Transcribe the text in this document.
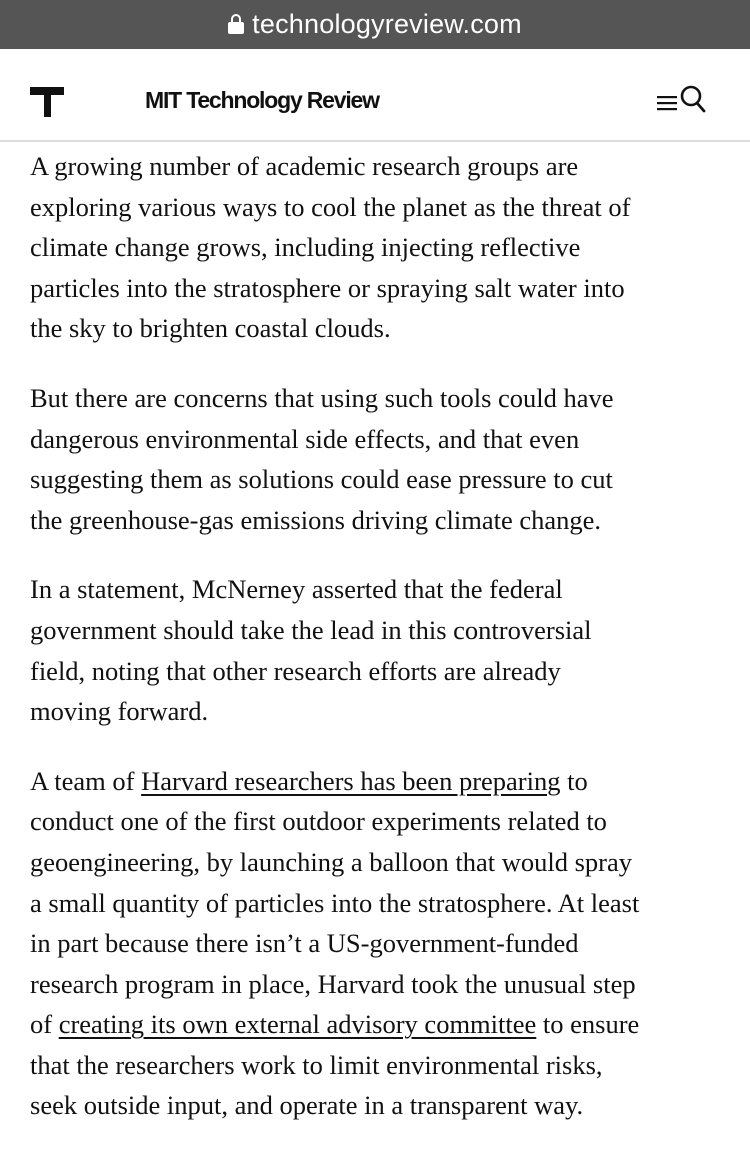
technologyreview.com
MIT Technology Review

A growing number of academic research groups are
exploring various ways to cool the planet as the threat of
climate change grows, including injecting reflective
particles into the stratosphere or spraying salt water into
the sky to brighten coastal clouds.

But there are concerns that using such tools could have
dangerous environmental side effects, and that even
suggesting them as solutions could ease pressure to cut
the greenhouse-gas emissions driving climate change.

In a statement, McNerney asserted that the federal
government should take the lead in this controversial
field, noting that other research efforts are already
moving forward.

A team of Harvard researchers has been preparing to
conduct one of the first outdoor experiments related to
geoengineering, by launching a balloon that would spray
a small quantity of particles into the stratosphere. At least
in part because there isn’t a US-government-funded
research program in place, Harvard took the unusual step
of creating its own external advisory committee to ensure
that the researchers work to limit environmental risks,
seek outside input, and operate in a transparent way.
